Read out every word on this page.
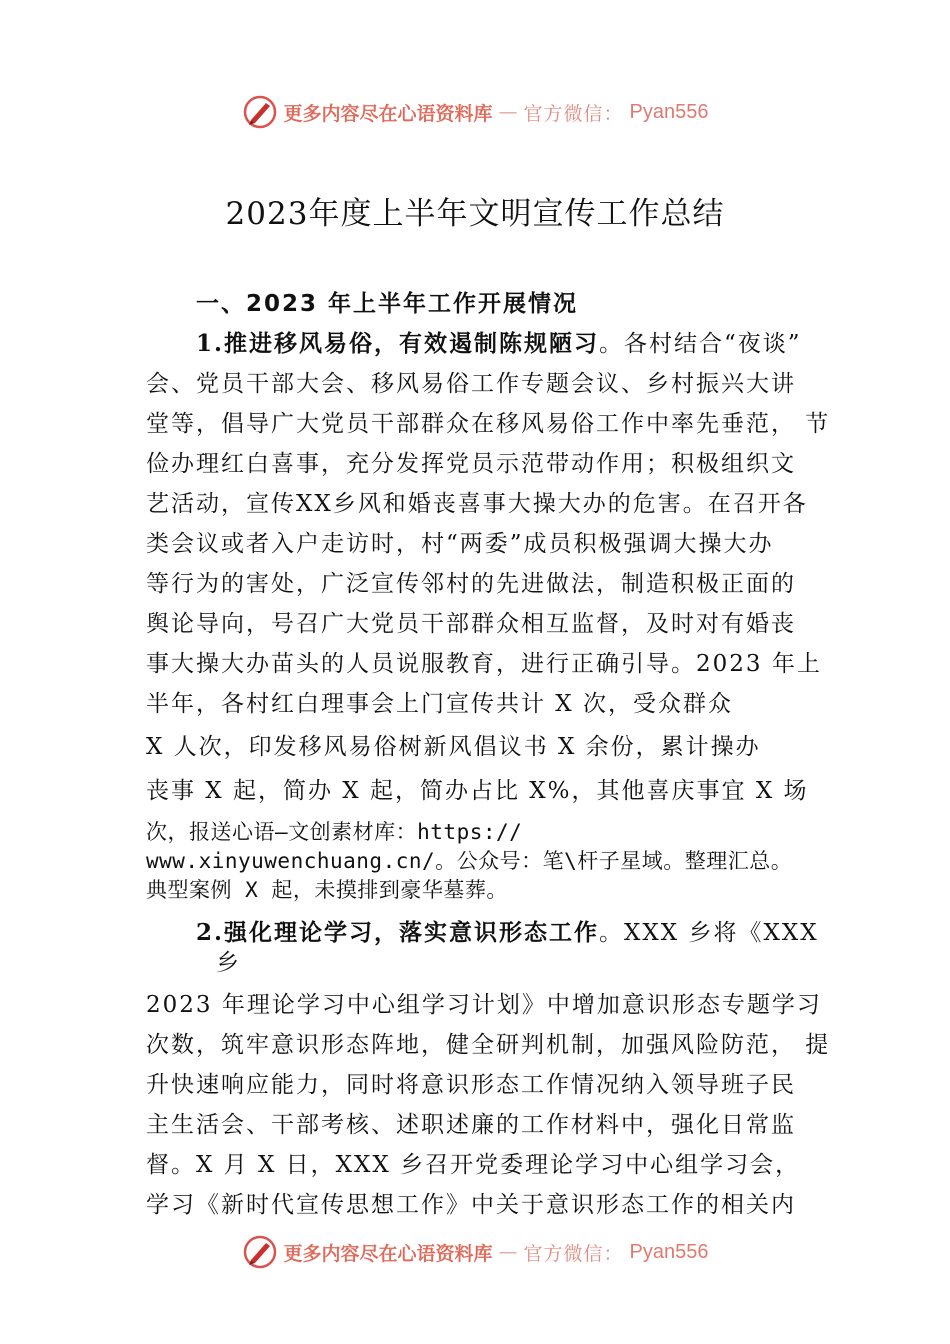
更多内容尽在心语资料库 — 官方微信： Pyan556
2023年度上半年文明宣传工作总结
一、2023 年上半年工作开展情况
1.推进移风易俗，有效遏制陈规陋习。各村结合“夜谈”
会、党员干部大会、移风易俗工作专题会议、乡村振兴大讲
堂等，倡导广大党员干部群众在移风易俗工作中率先垂范， 节
俭办理红白喜事，充分发挥党员示范带动作用；积极组织文
艺活动，宣传XX乡风和婚丧喜事大操大办的危害。在召开各
类会议或者入户走访时，村“两委”成员积极强调大操大办
等行为的害处，广泛宣传邻村的先进做法，制造积极正面的
舆论导向，号召广大党员干部群众相互监督，及时对有婚丧
事大操大办苗头的人员说服教育，进行正确引导。2023 年上
半年，各村红白理事会上门宣传共计 X 次，受众群众
X 人次，印发移风易俗树新风倡议书 X 余份，累计操办
丧事 X 起，简办 X 起，简办占比 X%，其他喜庆事宜 X 场
次，报送心语—文创素材库：https://
www.xinyuwenchuang.cn/。公众号：笔\杆子星域。整理汇总。
典型案例 X 起，未摸排到豪华墓葬。
2.强化理论学习，落实意识形态工作。XXX 乡将《XXX
乡
2023 年理论学习中心组学习计划》中增加意识形态专题学习
次数，筑牢意识形态阵地，健全研判机制，加强风险防范， 提
升快速响应能力，同时将意识形态工作情况纳入领导班子民
主生活会、干部考核、述职述廉的工作材料中，强化日常监
督。X 月 X 日，XXX 乡召开党委理论学习中心组学习会，
学习《新时代宣传思想工作》中关于意识形态工作的相关内
更多内容尽在心语资料库 — 官方微信： Pyan556
